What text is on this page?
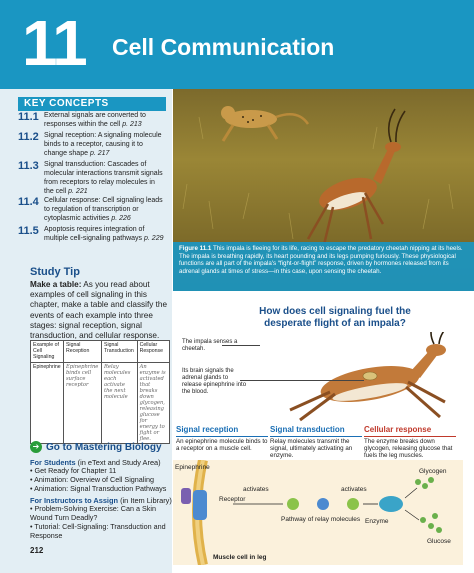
11 Cell Communication
KEY CONCEPTS
11.1 External signals are converted to responses within the cell p. 213
11.2 Signal reception: A signaling molecule binds to a receptor, causing it to change shape p. 217
11.3 Signal transduction: Cascades of molecular interactions transmit signals from receptors to relay molecules in the cell p. 221
11.4 Cellular response: Cell signaling leads to regulation of transcription or cytoplasmic activities p. 226
11.5 Apoptosis requires integration of multiple cell-signaling pathways p. 229
Study Tip
Make a table: As you read about examples of cell signaling in this chapter, make a table and classify the events of each example into three stages: signal reception, signal transduction, and cellular response.
Example of Cell Signaling	Signal Reception	Signal Transduction	Cellular Response
Epinephrine	Epinephrine binds cell surface receptor	Relay molecules each activate the next molecule	An enzyme is activated that breaks down glycogen, releasing glucose for energy to fight or flee.
➔ Go to Mastering Biology
For Students (in eText and Study Area)
• Get Ready for Chapter 11
• Animation: Overview of Cell Signaling
• Animation: Signal Transduction Pathways
For Instructors to Assign (in Item Library)
• Problem-Solving Exercise: Can a Skin Wound Turn Deadly?
• Tutorial: Cell-Signaling: Transduction and Response
212
Figure 11.1 This impala is fleeing for its life, racing to escape the predatory cheetah nipping at its heels. The impala is breathing rapidly, its heart pounding and its legs pumping furiously. These physiological functions are all part of the impala's “fight-or-flight” response, driven by hormones released from its adrenal glands at times of stress—in this case, upon sensing the cheetah.
How does cell signaling fuel the desperate flight of an impala?
The impala senses a cheetah.
Its brain signals the adrenal glands to release epinephrine into the blood.
Signal reception
An epinephrine molecule binds to a receptor on a muscle cell.
Signal transduction
Relay molecules transmit the signal, ultimately activating an enzyme.
Cellular response
The enzyme breaks down glycogen, releasing glucose that fuels the leg muscles.
Epinephrine
Receptor
activates	activates
Pathway of relay molecules Enzyme
Glycogen
Glucose
Muscle cell in leg
